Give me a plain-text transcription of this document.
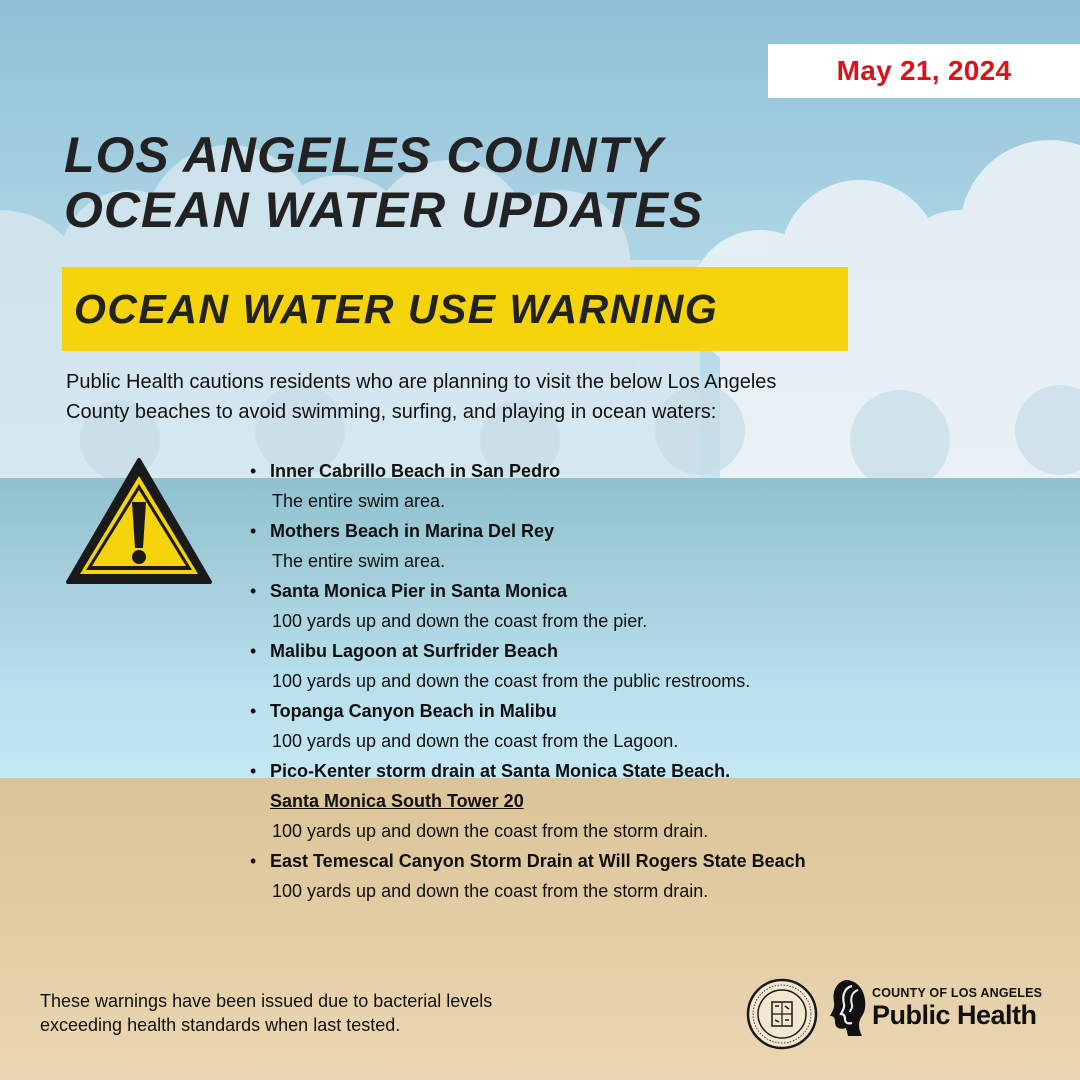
May 21, 2024
LOS ANGELES COUNTY
OCEAN WATER UPDATES
OCEAN WATER USE WARNING

Public Health cautions residents who are planning to visit the below Los Angeles
County beaches to avoid swimming, surfing, and playing in ocean waters:

• Inner Cabrillo Beach in San Pedro
The entire swim area.
• Mothers Beach in Marina Del Rey
The entire swim area.
• Santa Monica Pier in Santa Monica
100 yards up and down the coast from the pier.
• Malibu Lagoon at Surfrider Beach
100 yards up and down the coast from the public restrooms.
• Topanga Canyon Beach in Malibu
100 yards up and down the coast from the Lagoon.
• Pico-Kenter storm drain at Santa Monica State Beach.
Santa Monica South Tower 20
100 yards up and down the coast from the storm drain.
• East Temescal Canyon Storm Drain at Will Rogers State Beach
100 yards up and down the coast from the storm drain.

These warnings have been issued due to bacterial levels
exceeding health standards when last tested.

COUNTY OF LOS ANGELES
Public Health
